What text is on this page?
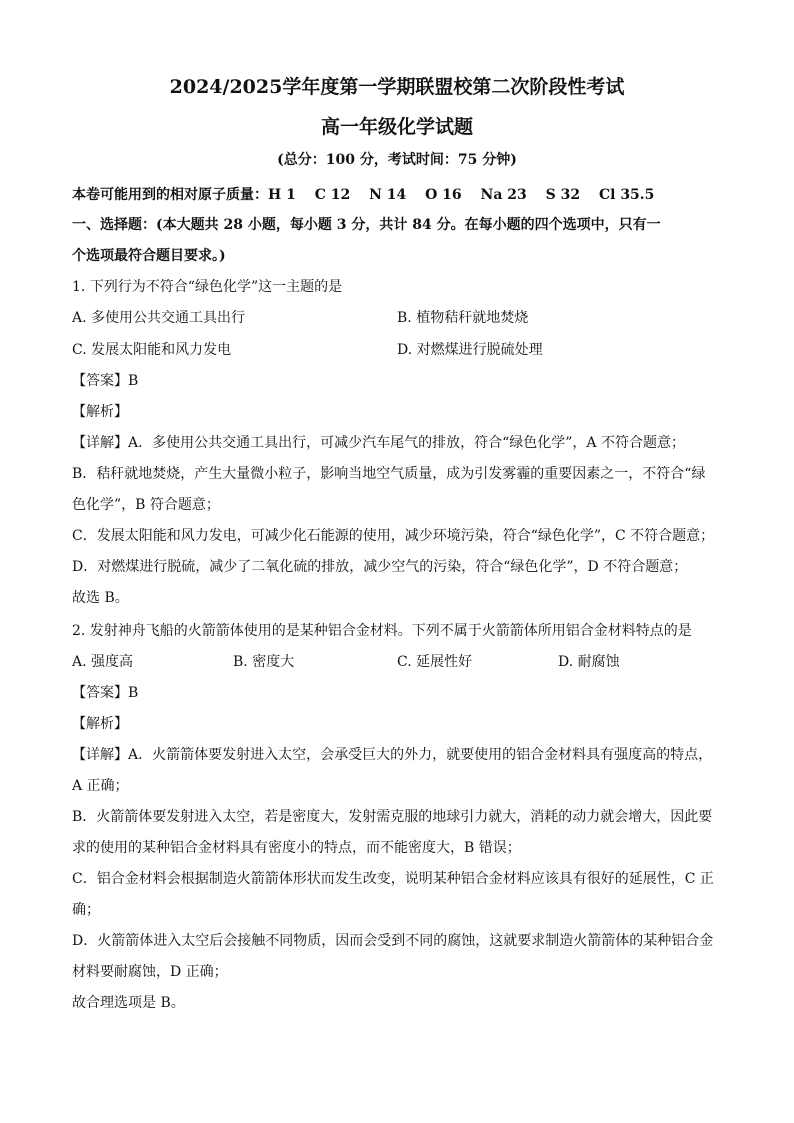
2024/2025学年度第一学期联盟校第二次阶段性考试
高一年级化学试题
(总分：100 分，考试时间：75 分钟)
本卷可能用到的相对原子质量：H 1　 C 12　 N 14　 O 16　 Na 23　 S 32　 Cl 35.5
一、选择题：(本大题共 28 小题，每小题 3 分，共计 84 分。在每小题的四个选项中，只有一
个选项最符合题目要求。)
1. 下列行为不符合“绿色化学”这一主题的是
A. 多使用公共交通工具出行	B. 植物秸秆就地焚烧
C. 发展太阳能和风力发电	D. 对燃煤进行脱硫处理
【答案】B
【解析】
【详解】A．多使用公共交通工具出行，可减少汽车尾气的排放，符合“绿色化学”，A 不符合题意；
B．秸秆就地焚烧，产生大量微小粒子，影响当地空气质量，成为引发雾霾的重要因素之一，不符合“绿
色化学”，B 符合题意；
C．发展太阳能和风力发电，可减少化石能源的使用，减少环境污染，符合“绿色化学”，C 不符合题意；
D．对燃煤进行脱硫，减少了二氧化硫的排放，减少空气的污染，符合“绿色化学”，D 不符合题意；
故选 B。
2. 发射神舟飞船的火箭箭体使用的是某种铝合金材料。下列不属于火箭箭体所用铝合金材料特点的是
A. 强度高	B. 密度大	C. 延展性好	D. 耐腐蚀
【答案】B
【解析】
【详解】A．火箭箭体要发射进入太空，会承受巨大的外力，就要使用的铝合金材料具有强度高的特点，
A 正确；
B．火箭箭体要发射进入太空，若是密度大，发射需克服的地球引力就大，消耗的动力就会增大，因此要
求的使用的某种铝合金材料具有密度小的特点，而不能密度大，B 错误；
C．铝合金材料会根据制造火箭箭体形状而发生改变，说明某种铝合金材料应该具有很好的延展性，C 正
确；
D．火箭箭体进入太空后会接触不同物质，因而会受到不同的腐蚀，这就要求制造火箭箭体的某种铝合金
材料要耐腐蚀，D 正确；
故合理选项是 B。
